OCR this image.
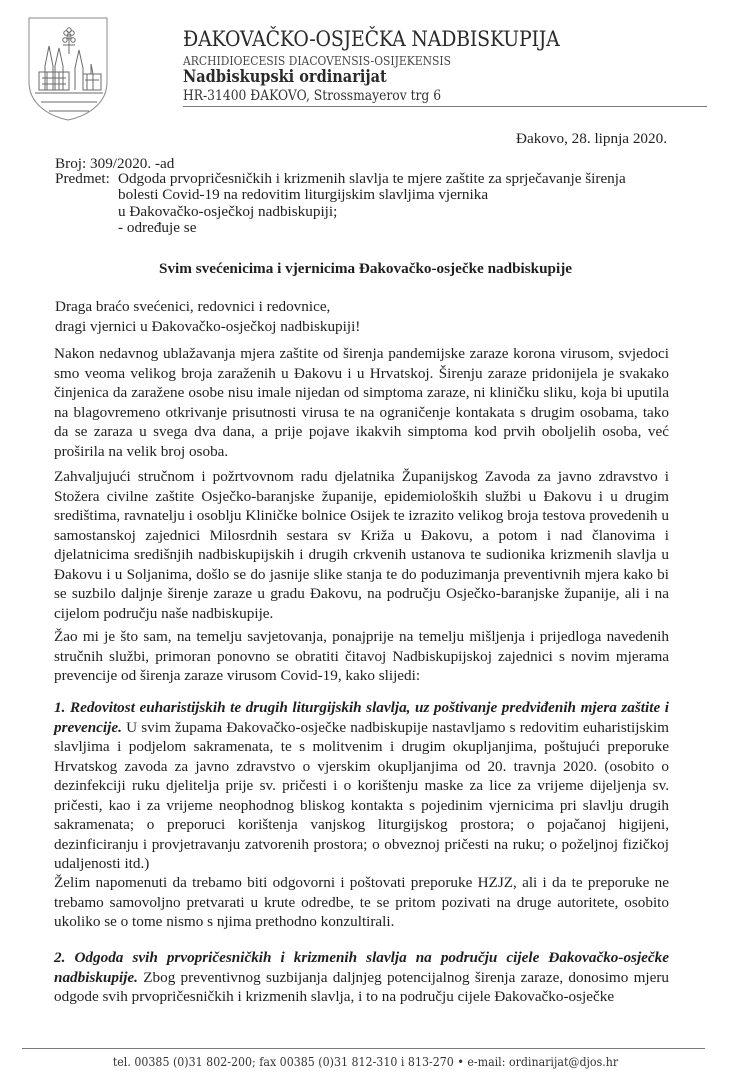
ĐAKOVAČKO-OSJEČKA NADBISKUPIJA
ARCHIDIOECESIS DIACOVENSIS-OSIJEKENSIS
Nadbiskupski ordinarijat
HR-31400 ĐAKOVO, Strossmayerov trg 6
Đakovo, 28. lipnja 2020.
Broj: 309/2020. -ad
Predmet: Odgoda prvopričesničkih i krizmenih slavlja te mjere zaštite za sprječavanje širenja
bolesti Covid-19 na redovitim liturgijskim slavljima vjernika
u Đakovačko-osječkoj nadbiskupiji;
- određuje se
Svim svećenicima i vjernicima Đakovačko-osječke nadbiskupije
Draga braćo svećenici, redovnici i redovnice,
dragi vjernici u Đakovačko-osječkoj nadbiskupiji!
Nakon nedavnog ublažavanja mjera zaštite od širenja pandemijske zaraze korona virusom, svjedoci smo veoma velikog broja zaraženih u Đakovu i u Hrvatskoj. Širenju zaraze pridonijela je svakako činjenica da zaražene osobe nisu imale nijedan od simptoma zaraze, ni kliničku sliku, koja bi uputila na blagovremeno otkrivanje prisutnosti virusa te na ograničenje kontakata s drugim osobama, tako da se zaraza u svega dva dana, a prije pojave ikakvih simptoma kod prvih oboljelih osoba, već proširila na velik broj osoba.
Zahvaljujući stručnom i požrtvovnom radu djelatnika Županijskog Zavoda za javno zdravstvo i Stožera civilne zaštite Osječko-baranjske županije, epidemioloških službi u Đakovu i u drugim središtima, ravnatelju i osoblju Kliničke bolnice Osijek te izrazito velikog broja testova provedenih u samostanskoj zajednici Milosrdnih sestara sv Križa u Đakovu, a potom i nad članovima i djelatnicima središnjih nadbiskupijskih i drugih crkvenih ustanova te sudionika krizmenih slavlja u Đakovu i u Soljanima, došlo se do jasnije slike stanja te do poduzimanja preventivnih mjera kako bi se suzbilo daljnje širenje zaraze u gradu Đakovu, na području Osječko-baranjske županije, ali i na cijelom području naše nadbiskupije.
Žao mi je što sam, na temelju savjetovanja, ponajprije na temelju mišljenja i prijedloga navedenih stručnih službi, primoran ponovno se obratiti čitavoj Nadbiskupijskoj zajednici s novim mjerama prevencije od širenja zaraze virusom Covid-19, kako slijedi:
1. Redovitost euharistijskih te drugih liturgijskih slavlja, uz poštivanje predviđenih mjera zaštite i prevencije. U svim župama Đakovačko-osječke nadbiskupije nastavljamo s redovitim euharistijskim slavljima i podjelom sakramenata, te s molitvenim i drugim okupljanjima, poštujući preporuke Hrvatskog zavoda za javno zdravstvo o vjerskim okupljanjima od 20. travnja 2020. (osobito o dezinfekciji ruku djelitelja prije sv. pričesti i o korištenju maske za lice za vrijeme dijeljenja sv. pričesti, kao i za vrijeme neophodnog bliskog kontakta s pojedinim vjernicima pri slavlju drugih sakramenata; o preporuci korištenja vanjskog liturgijskog prostora; o pojačanoj higijeni, dezinficiranju i provjetravanju zatvorenih prostora; o obveznoj pričesti na ruku; o poželjnoj fizičkoj udaljenosti itd.)
Želim napomenuti da trebamo biti odgovorni i poštovati preporuke HZJZ, ali i da te preporuke ne trebamo samovoljno pretvarati u krute odredbe, te se pritom pozivati na druge autoritete, osobito ukoliko se o tome nismo s njima prethodno konzultirali.
2. Odgoda svih prvopričesničkih i krizmenih slavlja na području cijele Đakovačko-osječke nadbiskupije. Zbog preventivnog suzbijanja daljnjeg potencijalnog širenja zaraze, donosimo mjeru odgode svih prvopričesničkih i krizmenih slavlja, i to na području cijele Đakovačko-osječke
tel. 00385 (0)31 802-200; fax 00385 (0)31 812-310 i 813-270 • e-mail: ordinarijat@djos.hr
